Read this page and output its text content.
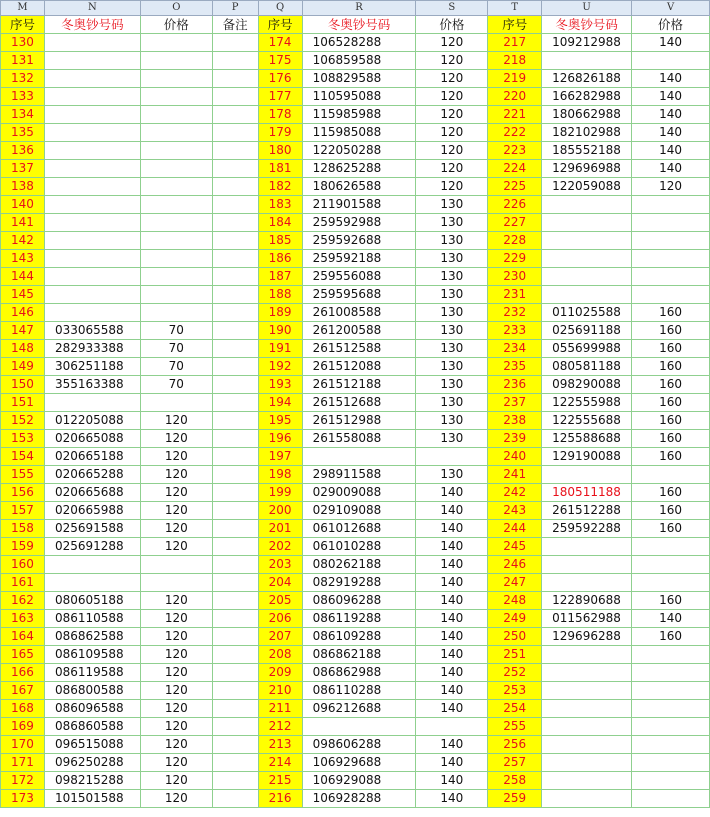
M	N	O	P	Q	R	S	T	U	V
序号	冬奥钞号码	价格	备注	序号	冬奥钞号码	价格	序号	冬奥钞号码	价格
130				174	106528288	120	217	109212988	140
131				175	106859588	120	218		
132				176	108829588	120	219	126826188	140
133				177	110595088	120	220	166282988	140
134				178	115985988	120	221	180662988	140
135				179	115985088	120	222	182102988	140
136				180	122050288	120	223	185552188	140
137				181	128625288	120	224	129696988	140
138				182	180626588	120	225	122059088	120
140				183	211901588	130	226		
141				184	259592988	130	227		
142				185	259592688	130	228		
143				186	259592188	130	229		
144				187	259556088	130	230		
145				188	259595688	130	231		
146				189	261008588	130	232	011025588	160
147	033065588	70		190	261200588	130	233	025691188	160
148	282933388	70		191	261512588	130	234	055699988	160
149	306251188	70		192	261512088	130	235	080581188	160
150	355163388	70		193	261512188	130	236	098290088	160
151				194	261512688	130	237	122555988	160
152	012205088	120		195	261512988	130	238	122555688	160
153	020665088	120		196	261558088	130	239	125588688	160
154	020665188	120		197			240	129190088	160
155	020665288	120		198	298911588	130	241		
156	020665688	120		199	029009088	140	242	180511188	160
157	020665988	120		200	029109088	140	243	261512288	160
158	025691588	120		201	061012688	140	244	259592288	160
159	025691288	120		202	061010288	140	245		
160				203	080262188	140	246		
161				204	082919288	140	247		
162	080605188	120		205	086096288	140	248	122890688	160
163	086110588	120		206	086119288	140	249	011562988	140
164	086862588	120		207	086109288	140	250	129696288	160
165	086109588	120		208	086862188	140	251		
166	086119588	120		209	086862988	140	252		
167	086800588	120		210	086110288	140	253		
168	086096588	120		211	096212688	140	254		
169	086860588	120		212			255		
170	096515088	120		213	098606288	140	256		
171	096250288	120		214	106929688	140	257		
172	098215288	120		215	106929088	140	258		
173	101501588	120		216	106928288	140	259		
